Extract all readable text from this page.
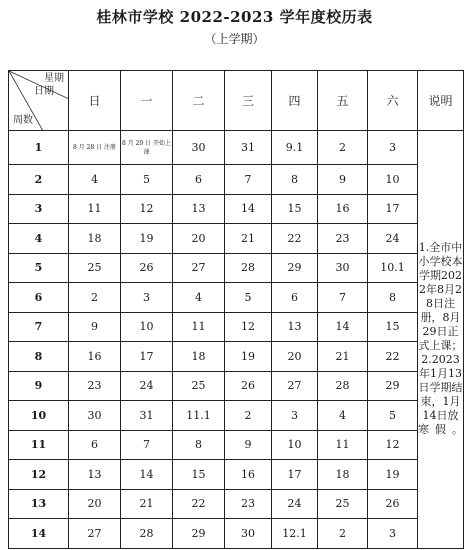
桂林市学校 2022-2023 学年度校历表
（上学期）
星期
日期
周数	日	一	二	三	四	五	六	说明
1	8 月 28 日 注册	8 月 29 日 开始上课	30	31	9.1	2	3	1.全市中小学校本学期2022年8月28日注册，8月29日正式上课；2.2023年1月13日学期结束，1月14日放寒假。
2	4	5	6	7	8	9	10	
3	11	12	13	14	15	16	17	
4	18	19	20	21	22	23	24	
5	25	26	27	28	29	30	10.1	
6	2	3	4	5	6	7	8	
7	9	10	11	12	13	14	15	
8	16	17	18	19	20	21	22	
9	23	24	25	26	27	28	29	
10	30	31	11.1	2	3	4	5	
11	6	7	8	9	10	11	12	
12	13	14	15	16	17	18	19	
13	20	21	22	23	24	25	26	
14	27	28	29	30	12.1	2	3	
